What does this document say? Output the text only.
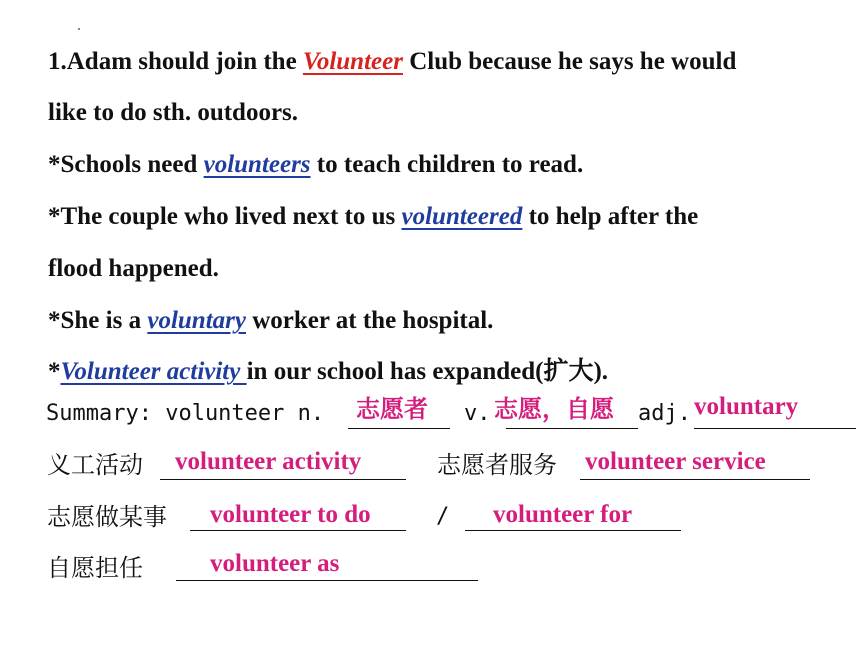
1.Adam should join the Volunteer Club because he says he would
like to do sth. outdoors.
*Schools need volunteers to teach children to read.
*The couple who lived next to us volunteered to help after the
flood happened.
*She is a voluntary worker at the hospital.
*Volunteer activity in our school has expanded(扩大).
Summary: volunteer n. 志愿者 v. 志愿，自愿 adj. voluntary
义工活动 volunteer activity	志愿者服务 volunteer service
志愿做某事 volunteer to do	/ volunteer for
自愿担任	volunteer as
